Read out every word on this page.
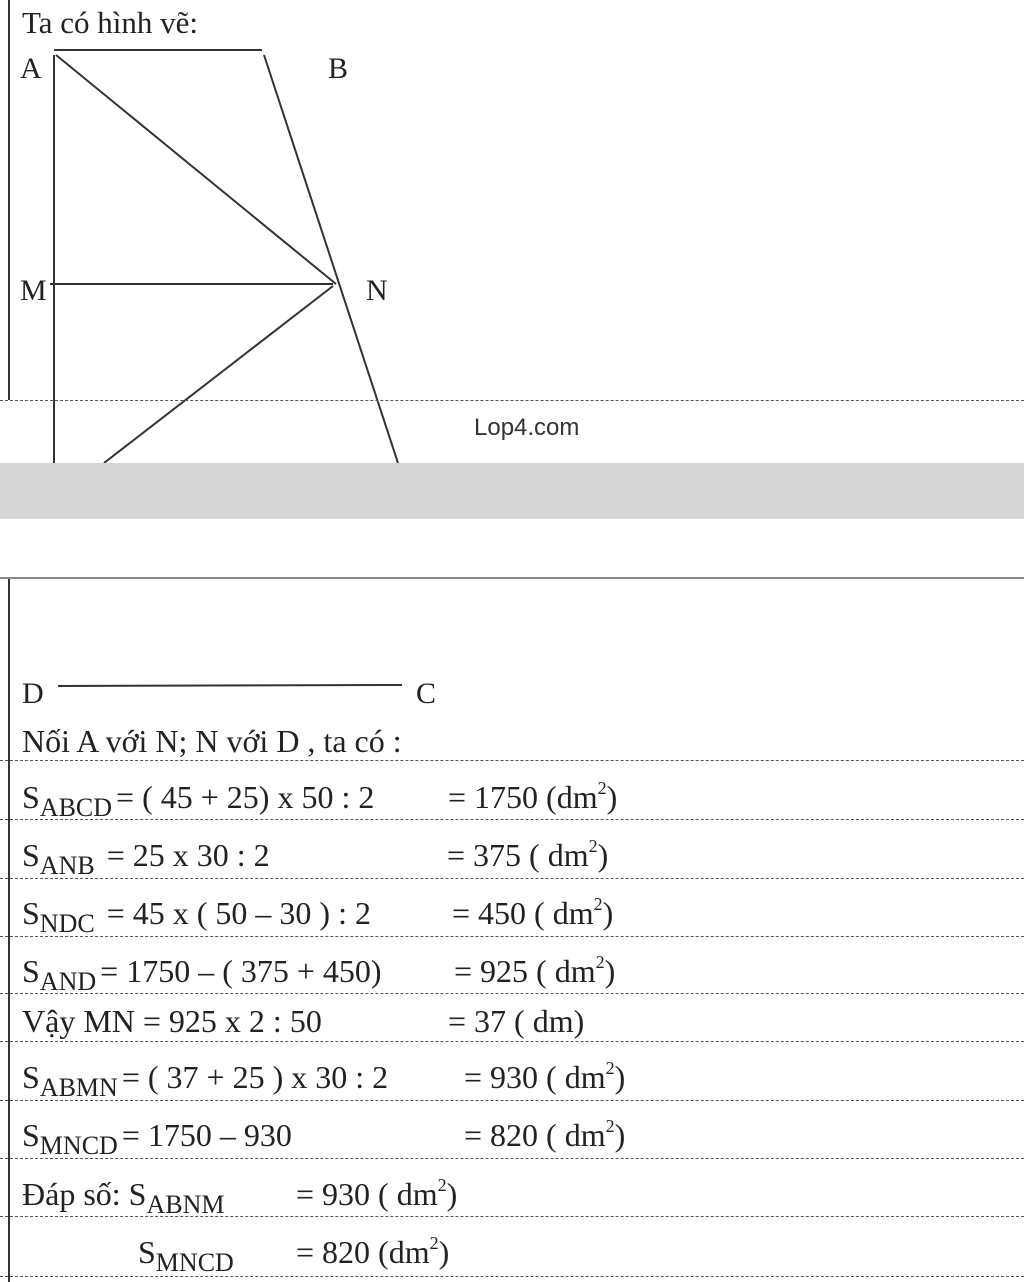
Ta có hình vẽ:
A	B
M	N
Lop4.com
D	C
Nối A với N; N với D , ta có :
$S_{ABCD}$ = ( 45 + 25) x 50 : 2 = 1750 $(dm^2)$
$S_{ANB} = 25$ x 30 : 2	= 375 ( $dm^2$)
$S_{NDC} = 45$ x ( 50 – 30 ) : 2	= 450 ( $dm^2$)
$S_{AND} = 1750$ – ( 375 + 450) = 925 ( $dm^2$)
Vậy MN = 925 x 2 : 50	= 37 ( dm)
$S_{ABMN}$ = ( 37 + 25 ) x 30 : 2 = 930 ( $dm^2$)
$S_{MNCD} = 1750 - 930$	= 820 ( $dm^2$)
Đáp số: $S_{ABNM} = 930$ ( $dm^2$)
$S_{MNCD} = 820$ $(dm^2)$
